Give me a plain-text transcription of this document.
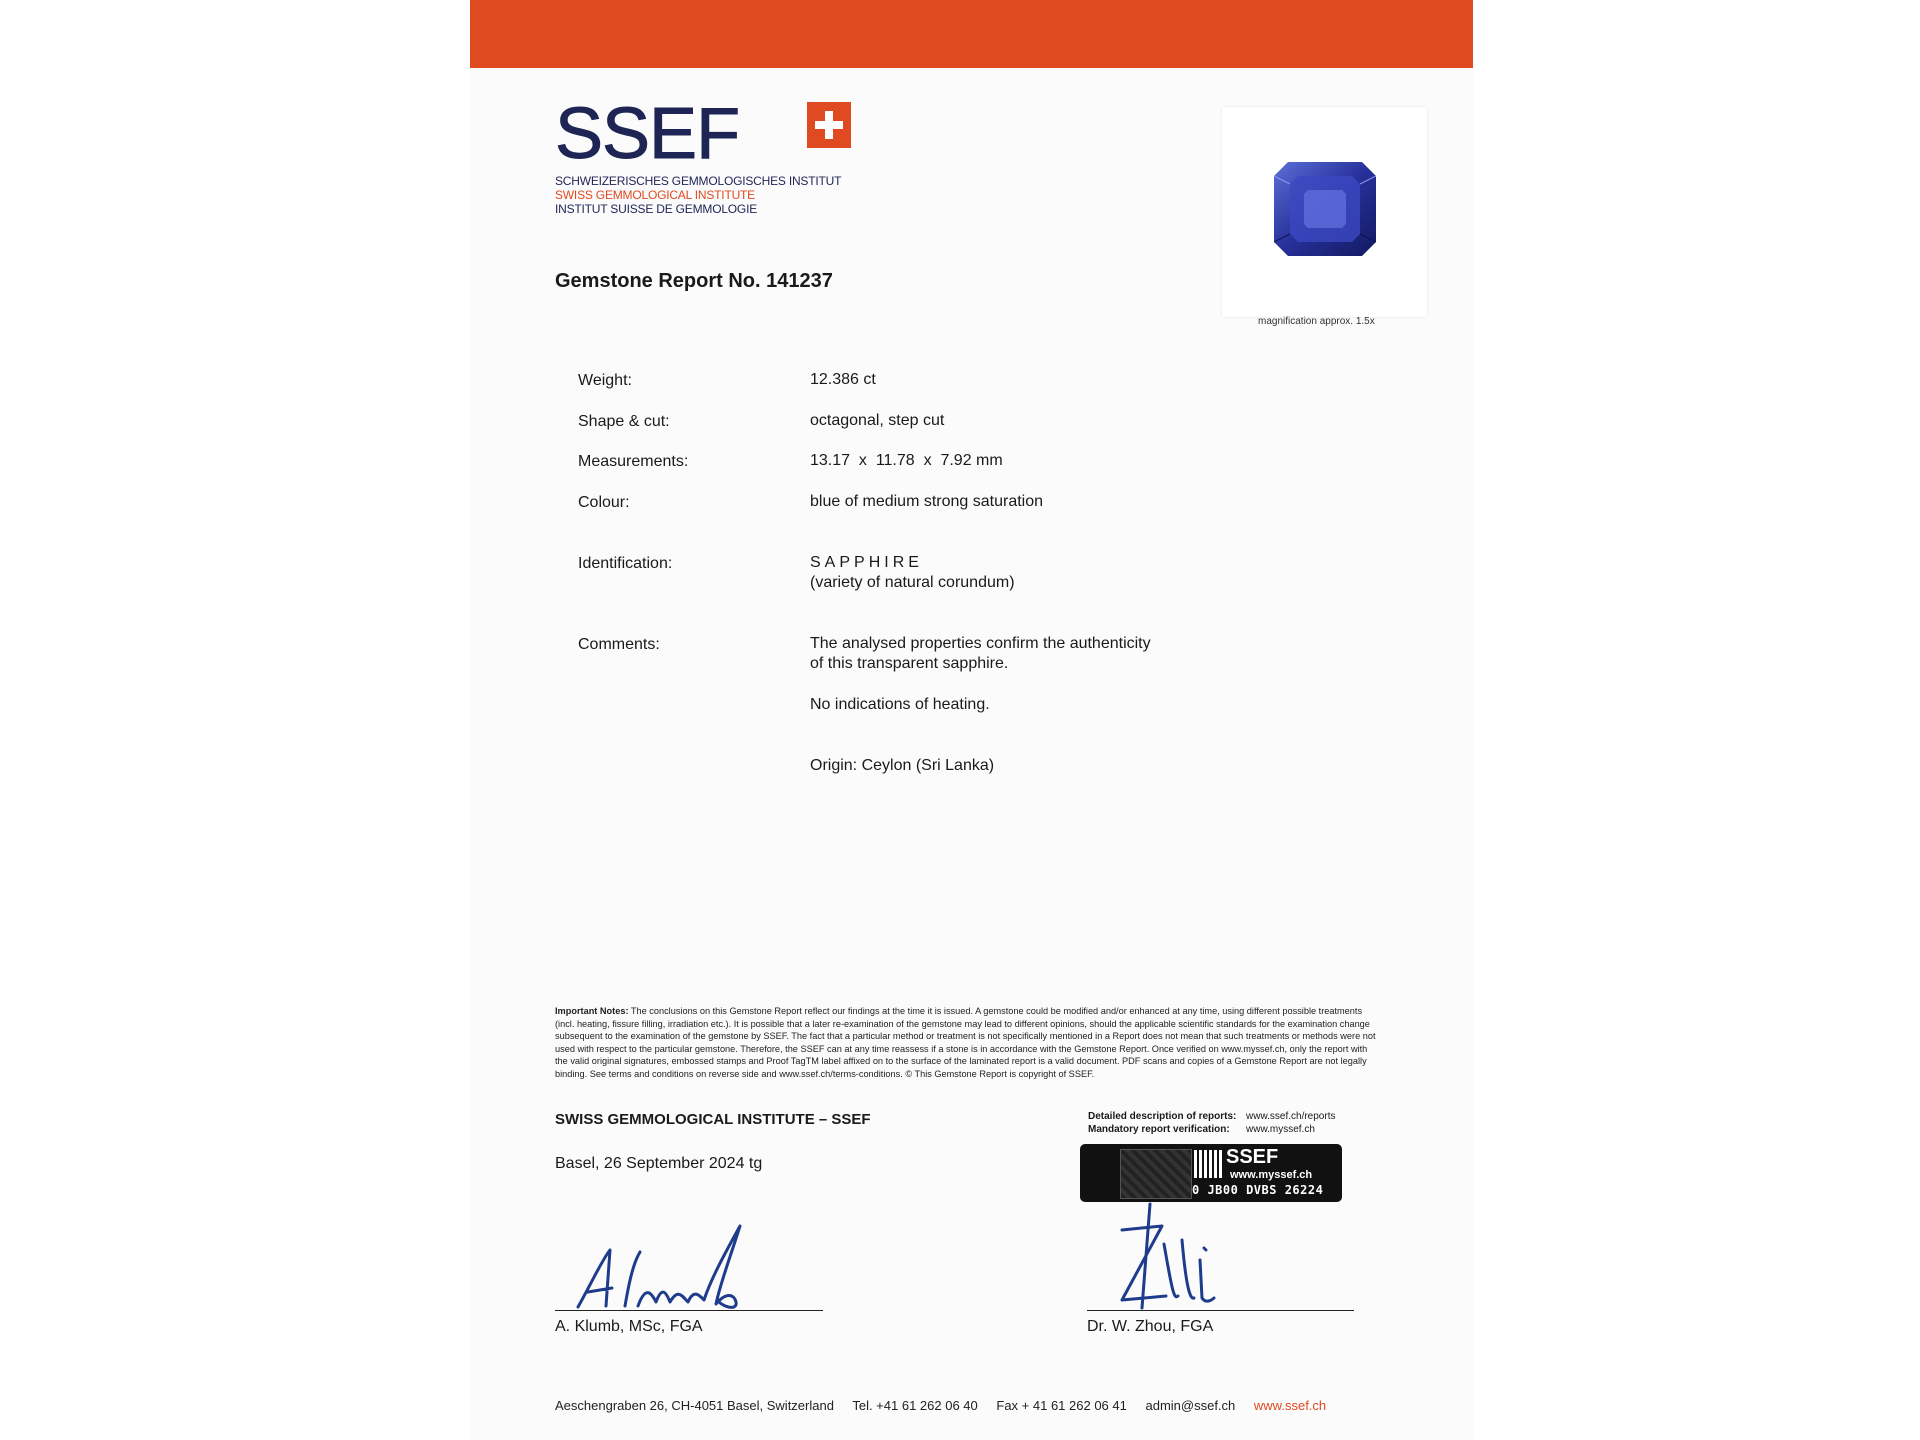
SSEF
SCHWEIZERISCHES GEMMOLOGISCHES INSTITUT
SWISS GEMMOLOGICAL INSTITUTE
INSTITUT SUISSE DE GEMMOLOGIE
Gemstone Report No. 141237
magnification approx. 1.5x
Weight:	12.386 ct
Shape & cut:	octagonal, step cut
Measurements:	13.17  x  11.78  x  7.92 mm
Colour:	blue of medium strong saturation
Identification:	SAPPHIRE
(variety of natural corundum)
Comments:	The analysed properties confirm the authenticity
of this transparent sapphire.
No indications of heating.
Origin: Ceylon (Sri Lanka)
Important Notes: The conclusions on this Gemstone Report reflect our findings at the time it is issued. A gemstone could be modified and/or enhanced at any time, using different possible treatments (incl. heating, fissure filling, irradiation etc.). It is possible that a later re-examination of the gemstone may lead to different opinions, should the applicable scientific standards for the examination change subsequent to the examination of the gemstone by SSEF. The fact that a particular method or treatment is not specifically mentioned in a Report does not mean that such treatments or methods were not used with respect to the particular gemstone. Therefore, the SSEF can at any time reassess if a stone is in accordance with the Gemstone Report. Once verified on www.myssef.ch, only the report with the valid original signatures, embossed stamps and Proof TagTM label affixed on to the surface of the laminated report is a valid document. PDF scans and copies of a Gemstone Report are not legally binding. See terms and conditions on reverse side and www.ssef.ch/terms-conditions. © This Gemstone Report is copyright of SSEF.
SWISS GEMMOLOGICAL INSTITUTE – SSEF
Basel, 26 September 2024 tg
Detailed description of reports: www.ssef.ch/reports
Mandatory report verification: www.myssef.ch
SSEF
www.myssef.ch
0 JB00 DVBS 26224
A. Klumb, MSc, FGA	Dr. W. Zhou, FGA
Aeschengraben 26, CH-4051 Basel, Switzerland Tel. +41 61 262 06 40 Fax + 41 61 262 06 41 admin@ssef.ch www.ssef.ch
